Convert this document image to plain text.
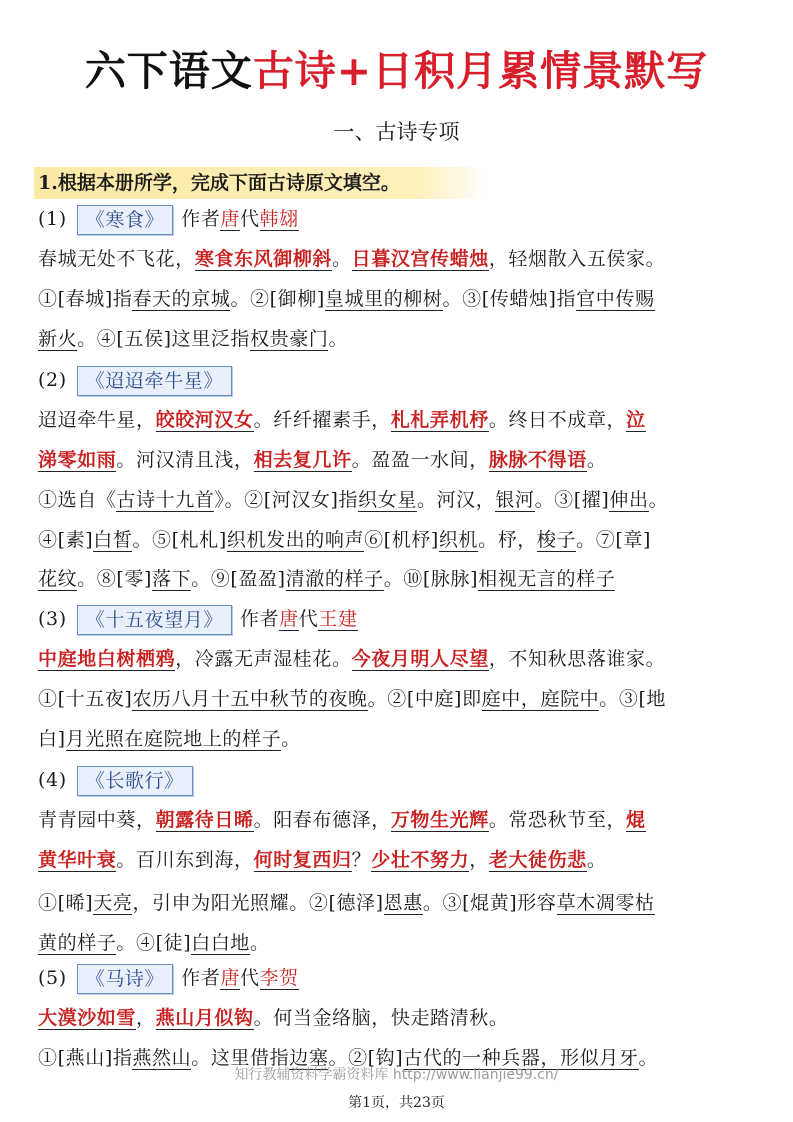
六下语文古诗+日积月累情景默写
一、古诗专项
1.根据本册所学，完成下面古诗原文填空。
(1) 《寒食》 作者唐代韩翃
春城无处不飞花，寒食东风御柳斜。日暮汉宫传蜡烛，轻烟散入五侯家。
①[春城]指春天的京城。②[御柳]皇城里的柳树。③[传蜡烛]指官中传赐
新火。④[五侯]这里泛指权贵豪门。
(2) 《迢迢牵牛星》
迢迢牵牛星，皎皎河汉女。纤纤擢素手，札札弄机杼。终日不成章，泣
涕零如雨。河汉清且浅，相去复几许。盈盈一水间，脉脉不得语。
①选自《古诗十九首》。②[河汉女]指织女星。河汉，银河。③[擢]伸出。
④[素]白皙。⑤[札札]织机发出的响声⑥[机杼]织机。杼，梭子。⑦[章]
花纹。⑧[零]落下。⑨[盈盈]清澈的样子。⑩[脉脉]相视无言的样子
(3) 《十五夜望月》 作者唐代王建
中庭地白树栖鸦，冷露无声湿桂花。今夜月明人尽望，不知秋思落谁家。
①[十五夜]农历八月十五中秋节的夜晚。②[中庭]即庭中，庭院中。③[地
白]月光照在庭院地上的样子。
(4) 《长歌行》
青青园中葵，朝露待日晞。阳春布德泽，万物生光辉。常恐秋节至，焜
黄华叶衰。百川东到海，何时复西归？少壮不努力，老大徒伤悲。
①[晞]天亮，引申为阳光照耀。②[德泽]恩惠。③[焜黄]形容草木凋零枯
黄的样子。④[徒]白白地。
(5) 《马诗》 作者唐代李贺
大漠沙如雪，燕山月似钩。何当金络脑，快走踏清秋。
①[燕山]指燕然山。这里借指边塞。②[钩]古代的一种兵器，形似月牙。
知行教辅资料学霸资料库 http://www.lianjie99.cn/
第1页，共23页
